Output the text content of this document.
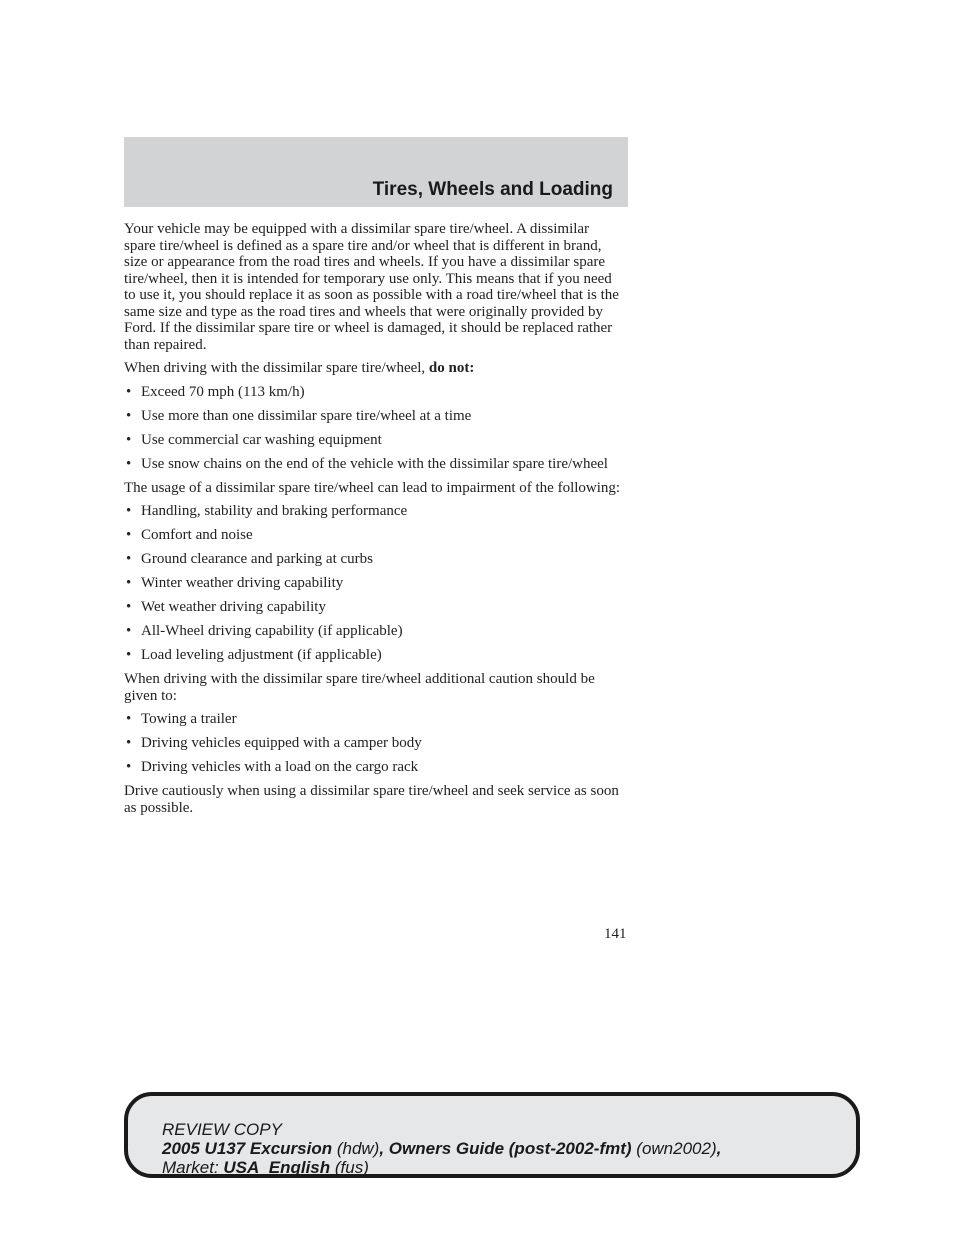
Tires, Wheels and Loading

Your vehicle may be equipped with a dissimilar spare tire/wheel. A dissimilar spare tire/wheel is defined as a spare tire and/or wheel that is different in brand, size or appearance from the road tires and wheels. If you have a dissimilar spare tire/wheel, then it is intended for temporary use only. This means that if you need to use it, you should replace it as soon as possible with a road tire/wheel that is the same size and type as the road tires and wheels that were originally provided by Ford. If the dissimilar spare tire or wheel is damaged, it should be replaced rather than repaired.

When driving with the dissimilar spare tire/wheel, do not:

• Exceed 70 mph (113 km/h)
• Use more than one dissimilar spare tire/wheel at a time
• Use commercial car washing equipment
• Use snow chains on the end of the vehicle with the dissimilar spare tire/wheel

The usage of a dissimilar spare tire/wheel can lead to impairment of the following:

• Handling, stability and braking performance
• Comfort and noise
• Ground clearance and parking at curbs
• Winter weather driving capability
• Wet weather driving capability
• All-Wheel driving capability (if applicable)
• Load leveling adjustment (if applicable)

When driving with the dissimilar spare tire/wheel additional caution should be given to:

• Towing a trailer
• Driving vehicles equipped with a camper body
• Driving vehicles with a load on the cargo rack

Drive cautiously when using a dissimilar spare tire/wheel and seek service as soon as possible.

141
REVIEW COPY
2005 U137 Excursion (hdw), Owners Guide (post-2002-fmt) (own2002),
Market: USA_English (fus)
